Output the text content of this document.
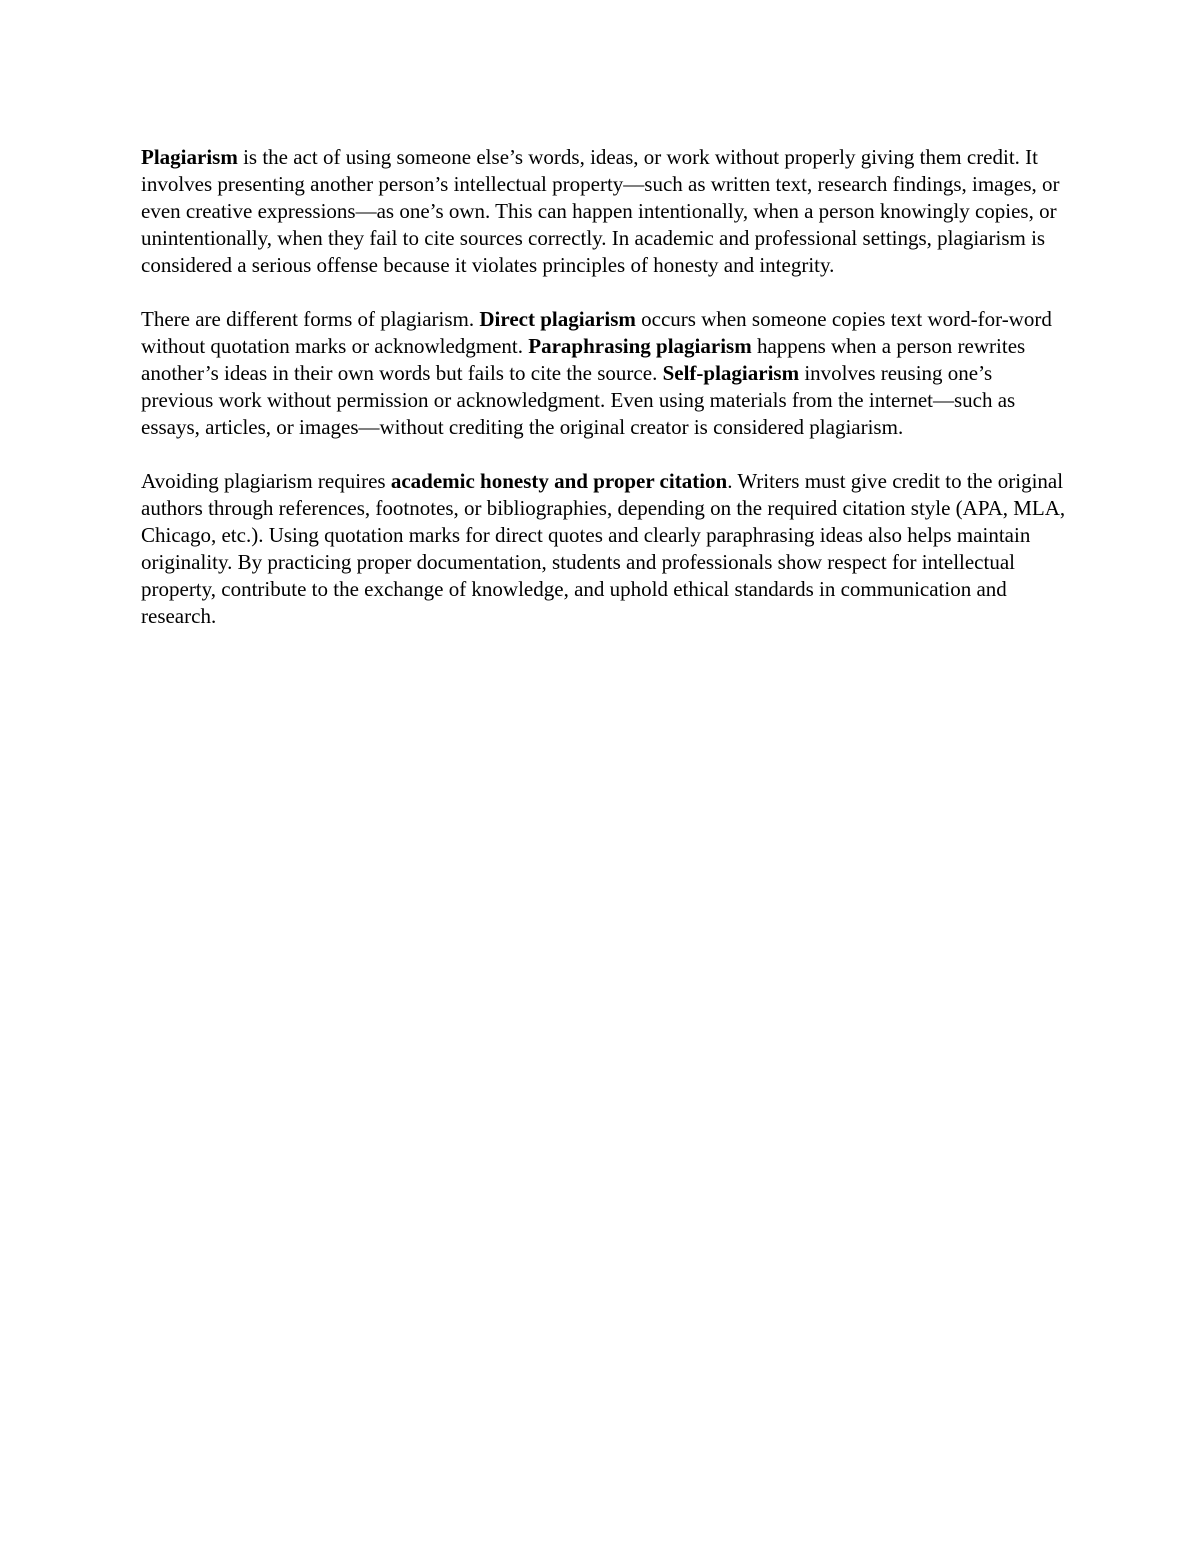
Plagiarism is the act of using someone else’s words, ideas, or work without properly giving them credit. It involves presenting another person’s intellectual property—such as written text, research findings, images, or even creative expressions—as one’s own. This can happen intentionally, when a person knowingly copies, or unintentionally, when they fail to cite sources correctly. In academic and professional settings, plagiarism is considered a serious offense because it violates principles of honesty and integrity.

There are different forms of plagiarism. Direct plagiarism occurs when someone copies text word-for-word without quotation marks or acknowledgment. Paraphrasing plagiarism happens when a person rewrites another’s ideas in their own words but fails to cite the source. Self-plagiarism involves reusing one’s previous work without permission or acknowledgment. Even using materials from the internet—such as essays, articles, or images—without crediting the original creator is considered plagiarism.

Avoiding plagiarism requires academic honesty and proper citation. Writers must give credit to the original authors through references, footnotes, or bibliographies, depending on the required citation style (APA, MLA, Chicago, etc.). Using quotation marks for direct quotes and clearly paraphrasing ideas also helps maintain originality. By practicing proper documentation, students and professionals show respect for intellectual property, contribute to the exchange of knowledge, and uphold ethical standards in communication and research.
